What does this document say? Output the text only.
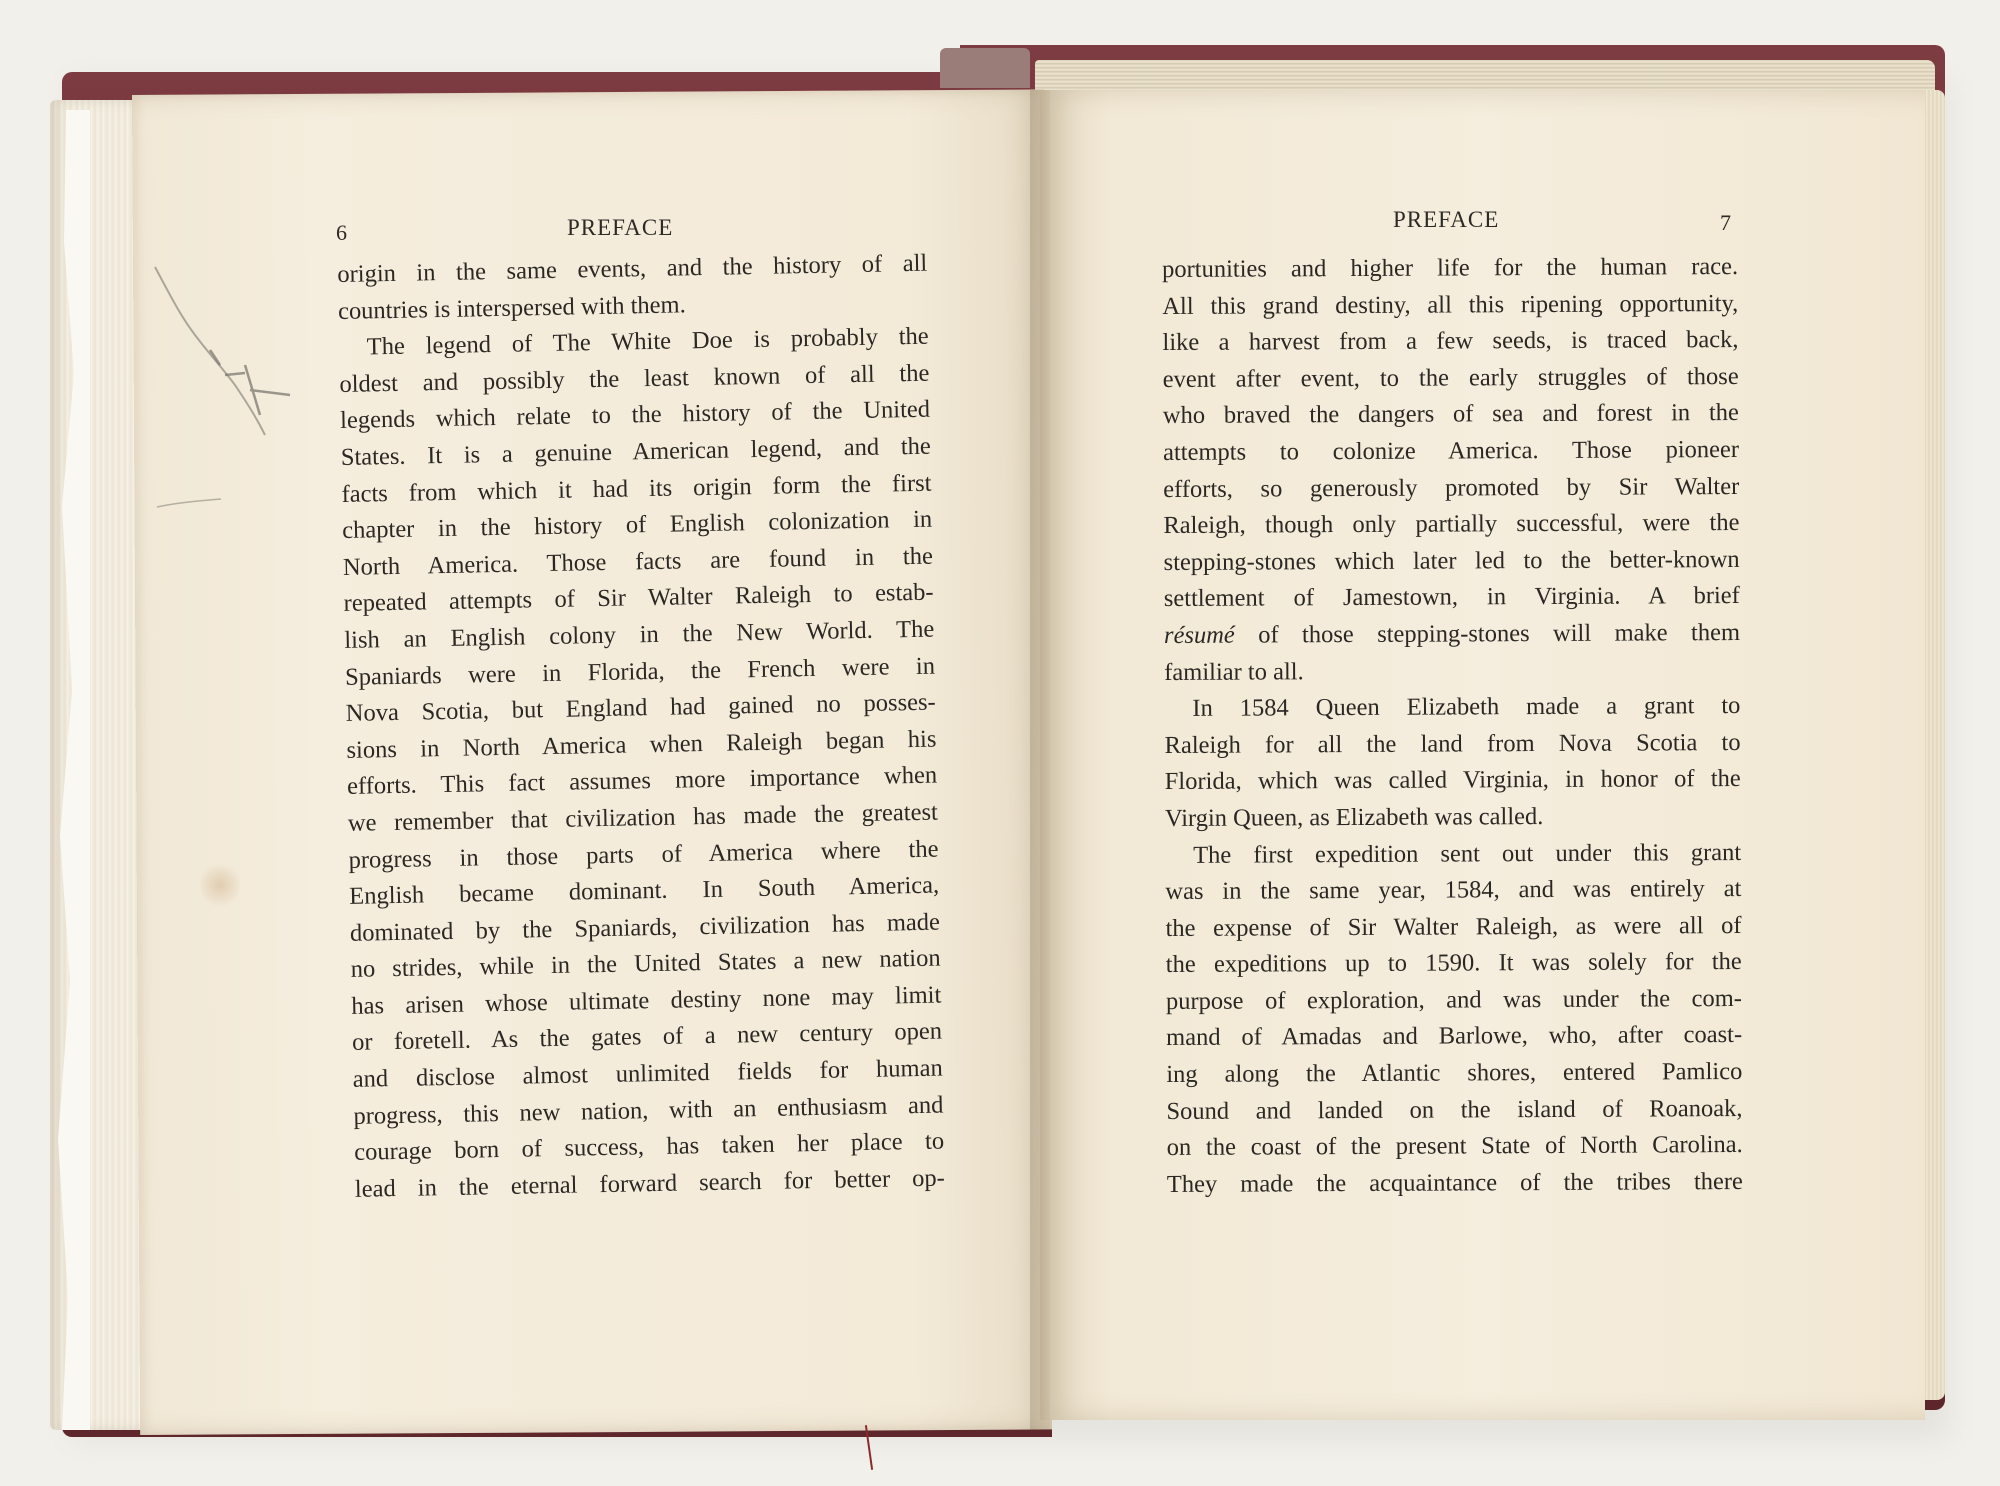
6	PREFACE	PREFACE	7
origin in the same events, and the history of all
countries is interspersed with them.
The legend of The White Doe is probably the
oldest and possibly the least known of all the
legends which relate to the history of the United
States. It is a genuine American legend, and the
facts from which it had its origin form the first
chapter in the history of English colonization in
North America. Those facts are found in the
repeated attempts of Sir Walter Raleigh to estab-
lish an English colony in the New World. The
Spaniards were in Florida, the French were in
Nova Scotia, but England had gained no posses-
sions in North America when Raleigh began his
efforts. This fact assumes more importance when
we remember that civilization has made the greatest
progress in those parts of America where the
English became dominant. In South America,
dominated by the Spaniards, civilization has made
no strides, while in the United States a new nation
has arisen whose ultimate destiny none may limit
or foretell. As the gates of a new century open
and disclose almost unlimited fields for human
progress, this new nation, with an enthusiasm and
courage born of success, has taken her place to
lead in the eternal forward search for better op-
portunities and higher life for the human race.
All this grand destiny, all this ripening opportunity,
like a harvest from a few seeds, is traced back,
event after event, to the early struggles of those
who braved the dangers of sea and forest in the
attempts to colonize America. Those pioneer
efforts, so generously promoted by Sir Walter
Raleigh, though only partially successful, were the
stepping-stones which later led to the better-known
settlement of Jamestown, in Virginia. A brief
résumé of those stepping-stones will make them
familiar to all.
In 1584 Queen Elizabeth made a grant to
Raleigh for all the land from Nova Scotia to
Florida, which was called Virginia, in honor of the
Virgin Queen, as Elizabeth was called.
The first expedition sent out under this grant
was in the same year, 1584, and was entirely at
the expense of Sir Walter Raleigh, as were all of
the expeditions up to 1590. It was solely for the
purpose of exploration, and was under the com-
mand of Amadas and Barlowe, who, after coast-
ing along the Atlantic shores, entered Pamlico
Sound and landed on the island of Roanoak,
on the coast of the present State of North Carolina.
They made the acquaintance of the tribes there
